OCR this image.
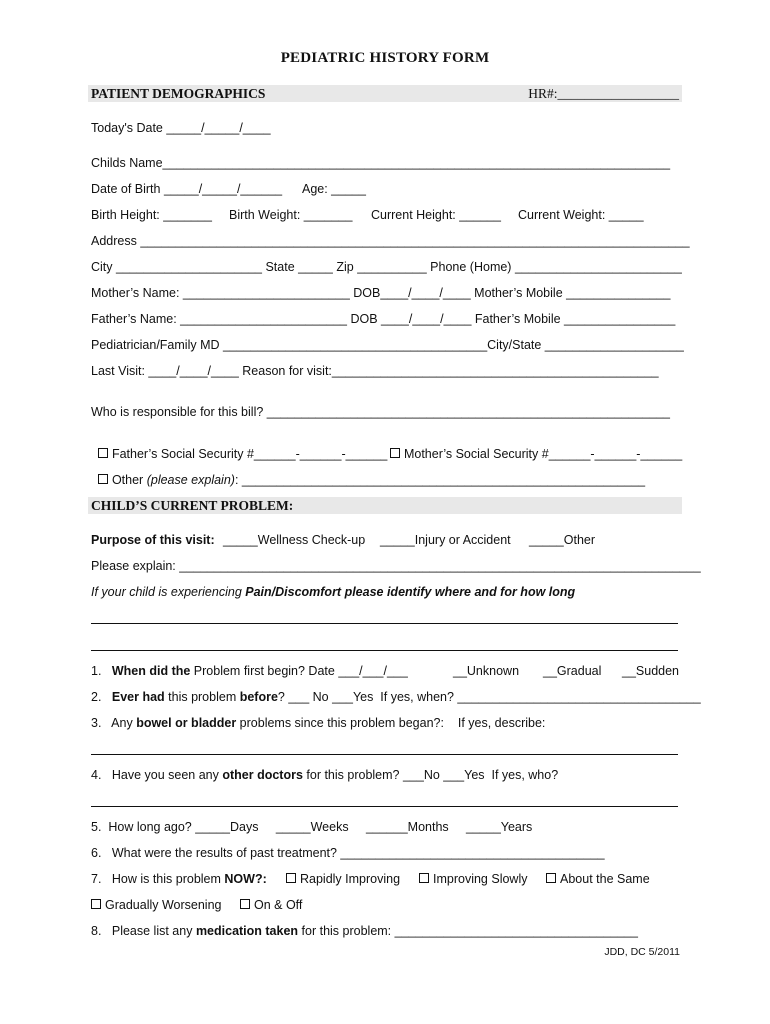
PEDIATRIC HISTORY FORM
PATIENT DEMOGRAPHICS	HR#:__________________
Today's Date _____/_____/____
Childs Name_________________________________________________________________________
Date of Birth _____/_____/______ Age: _____
Birth Height: _______ Birth Weight: _______ Current Height: ______ Current Weight: _____
Address _______________________________________________________________________________
City _____________________ State _____ Zip __________ Phone (Home) ________________________
Mother’s Name: ________________________ DOB____/____/____ Mother’s Mobile _______________
Father’s Name: ________________________ DOB ____/____/____ Father’s Mobile ________________
Pediatrician/Family MD ______________________________________City/State ____________________
Last Visit: ____/____/____ Reason for visit:_______________________________________________
Who is responsible for this bill? __________________________________________________________

Father’s Social Security #______-______-______	Mother’s Social Security #______-______-______

Other (please explain): __________________________________________________________

CHILD’S CURRENT PROBLEM:
Purpose of this visit: _____Wellness Check-up _____Injury or Accident _____Other
Please explain: ___________________________________________________________________________
If your child is experiencing Pain/Discomfort please identify where and for how long
1. When did the Problem first begin? Date ___/___/___	__Unknown __Gradual __Sudden
2. Ever had this problem before? ___ No ___Yes  If yes, when? ___________________________________
3. Any bowel or bladder problems since this problem began?:    If yes, describe:
4. Have you seen any other doctors for this problem? ___No ___Yes  If yes, who?
5.  How long ago? _____Days     _____Weeks     ______Months     _____Years
6.   What were the results of past treatment? ______________________________________
7. How is this problem NOW?:	Rapidly Improving	Improving Slowly	About the Same
Gradually Worsening	On & Off
8. Please list any medication taken for this problem: ___________________________________
JDD, DC 5/2011
